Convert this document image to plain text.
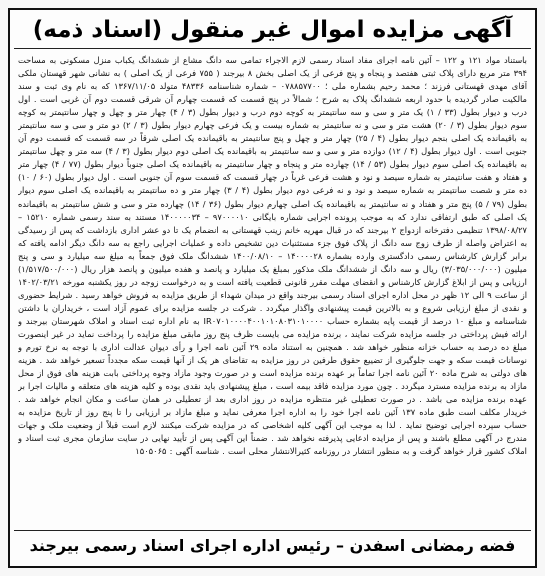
آگهی مزایده اموال غیر منقول (اسناد ذمه)
باستناد مواد ۱۲۱ و ۱۲۲ – آئین نامه اجرای مفاد اسناد رسمی لازم الاجراء تمامی سه دانگ مشاع از ششدانگ یکباب منزل مسکونی به مساحت ۳۹۴ متر مربع دارای پلاک ثبتی هفتصد و پنجاه و پنج فرعی از یک اصلی بخش ۸ بیرجند ( ۷۵۵ فرعی از یک اصلی ) به نشانی شهر قهستان ملکی آقای مهدی قهستانی فرزند ؛ محمد رحیم بشماره ملی ؛ ۰۷۸۸۵۷۷۰۰ – شماره شناسنامه ۴۸۳۳۶ متولد ۱۳۶۷/۱۱/۰۵ که به نام وی ثبت و سند مالکیت صادر گردیده با حدود اربعه ششدانگ پلاک به شرح ؛ شمالاً در پنج قسمت که قسمت چهارم آن شرقی قسمت دوم آن غربی است . اول درب و دیوار بطول (۳۳ / ۱) یک متر و سی و سه سانتیمتر به کوچه دوم درب و دیوار بطول (۳ / ۴) چهار متر و چهل و چهار سانتیمتر به کوچه سوم دیوار بطول (۳ / ۲۰) هشت متر و سی و نه سانتیمتر به شماره بیست و یک فرعی چهارم دیوار بطول (۳ / ۲) دو متر و سی و سه سانتیمتر به باقیمانده یک اصلی بنجم دیوار بطول (۴ / ۲۵) چهار متر و چهل و پنج سانتیمتر به باقیمانده یک اصلی شرقاً در سه قسمت که قسمت دوم آن جنوبی است . اول دیوار بطول (۴ / ۱۲) دوازده متر و سی و سه سانتیمتر به باقیمانده یک اصلی دوم دیوار بطول (۳ / ۴) سه متر و چهل سانتیمتر به باقیمانده یک اصلی سوم دیوار بطول (۵۳ / ۱۴) چهارده متر و پنجاه و چهار سانتیمتر به باقیمانده یک اصلی جنوباً دیوار بطول (۷۷ / ۴) چهار متر و هفتاد و هفت سانتیمتر به شماره سیصد و نود و هشت فرعی غرباً در چهار قسمت که قسمت سوم آن جنوبی است . اول دیوار بطول (۶۰ / ۱۰) ده متر و شصت سانتیمتر به شماره سیصد و نود و نه فرعی دوم دیوار بطول (۴ / ۳) چهار متر و ده سانتیمتر به باقیمانده یک اصلی سوم دیوار بطول (۷۹ / ۵) پنج متر و هفتاد و نه سانتیمتر به باقیمانده یک اصلی چهارم دیوار بطول (۳۶ / ۱۴) چهارده متر و سی و شش سانتیمتر به باقیمانده یک اصلی که طبق ارتفاقی ندارد که به موجب پرونده اجرایی شماره بایگانی ۹۷۰۰۰۰۱۰ – ۱۴۰۰۰۰۰۳۴ مستند به سند رسمی شماره ۱۵۲۱۰ – ۱۳۹۸/۰۸/۲۷ تنظیمی دفترخانه ازدواج ۲ بیرجند که در قبال مهریه خانم زینب قهستانی به انضمام یک تا دو عشر اداری بازداشت که پس از رسیدگی به اعتراض واصله از طرف زوج سه دانگ از پلاک فوق جزء مستثنیات دین تشخیص داده و عملیات اجرایی راجع به سه دانگ دیگر ادامه یافته که برابر گزارش کارشناس رسمی دادگستری وارده بشماره ۱۴۰۰۰۰۲۸ – ۱۴۰۰/۰۸/۱۰ ششدانگ ملک فوق جمعاً به مبلغ سه میلیارد و سی و پنج میلیون (۳/۰۳۵/۰۰۰/۰۰۰) ریال و سه دانگ از ششدانگ ملک مذکور بمبلغ یک میلیارد و پانصد و هفده میلیون و پانصد هزار ریال (۱/۵۱۷/۵۰۰/۰۰۰) ارزیابی و پس از ابلاغ گزارش کارشناس و انقضای مهلت مقرر قانونی قطعیت یافته است و به درخواست زوجه در روز یکشنبه مورخه ۱۴۰۲/۰۳/۲۱ از ساعت ۹ الی ۱۲ ظهر در محل اداره اجرای اسناد رسمی بیرجند واقع در میدان شهداء از طریق مزایده به فروش خواهد رسید . شرایط حضوری و نقدی از مبلغ ارزیابی شروع و به بالاترین قیمت پیشنهادی واگذار میگردد . شرکت در جلسه مزایده برای عموم آزاد است ، خریداران با داشتن شناسنامه و مبلغ ۱۰ درصد از قیمت پایه بشماره حساب IR۰۷۰۱۰۰۰۰۴۰۰۱۰۱۰۸۰۳۱۰۱۰۰۰۰ به نام اداره ثبت اسناد و املاک شهرستان بیرجند و ارائه فیش پرداختی در جلسه مزایده شرکت نمایند ، برنده مزایده می بایست ظرف پنج روز مابقی مبلغ مزایده را پرداخت نماید در غیر اینصورت مبلغ ده درصد به حساب خزانه منظور خواهد شد . همچنین به استناد ماده ۲۹ آئین نامه اجرا و رأی دیوان عدالت اداری با توجه به نرخ تورم و نوسانات قیمت سکه و جهت جلوگیری از تضییع حقوق طرفین در روز مزایده به تقاضای هر یک از آنها قیمت سکه مجدداً تسعیر خواهد شد . هزینه های دولتی به شرح ماده ۲۰ آئین نامه اجرا تماماً بر عهده برنده مزایده است و در صورت وجود مازاد وجوه پرداختی بابت هزینه های فوق از محل مازاد به برنده مزایده مسترد میگردد . چون مورد مزایده فاقد بیمه است ، مبلغ پیشنهادی باید نقدی بوده و کلیه هزینه های متعلقه و مالیات اجرا بر عهده برنده مزایده می باشد . در صورت تعطیلی غیر منتظره مزایده در روز اداری بعد از تعطیلی در همان ساعت و مکان انجام خواهد شد . خریدار مکلف است طبق ماده ۱۳۷ آئین نامه اجرا خود را به اداره اجرا معرفی نماید و مبلغ مازاد بر ارزیابی را تا پنج روز از تاریخ مزایده به حساب سپرده اجرایی توضیح نماید . لذا به موجب این آگهی کلیه اشخاصی که در مزایده شرکت میکنند لازم است قبلاً از وضعیت ملک و جهات مندرج در آگهی مطلع باشند و پس از مزایده ادعایی پذیرفته نخواهد شد . ضمناً این آگهی پس از تأیید نهایی در سایت سازمان مجری ثبت اسناد و املاک کشور قرار خواهد گرفت و به منظور انتشار در روزنامه کثیرالانتشار محلی است . شناسه آگهی : ۱۵۰۵۰۶۵
فضه رمضانی اسفدن – رئیس اداره اجرای اسناد رسمی بیرجند
